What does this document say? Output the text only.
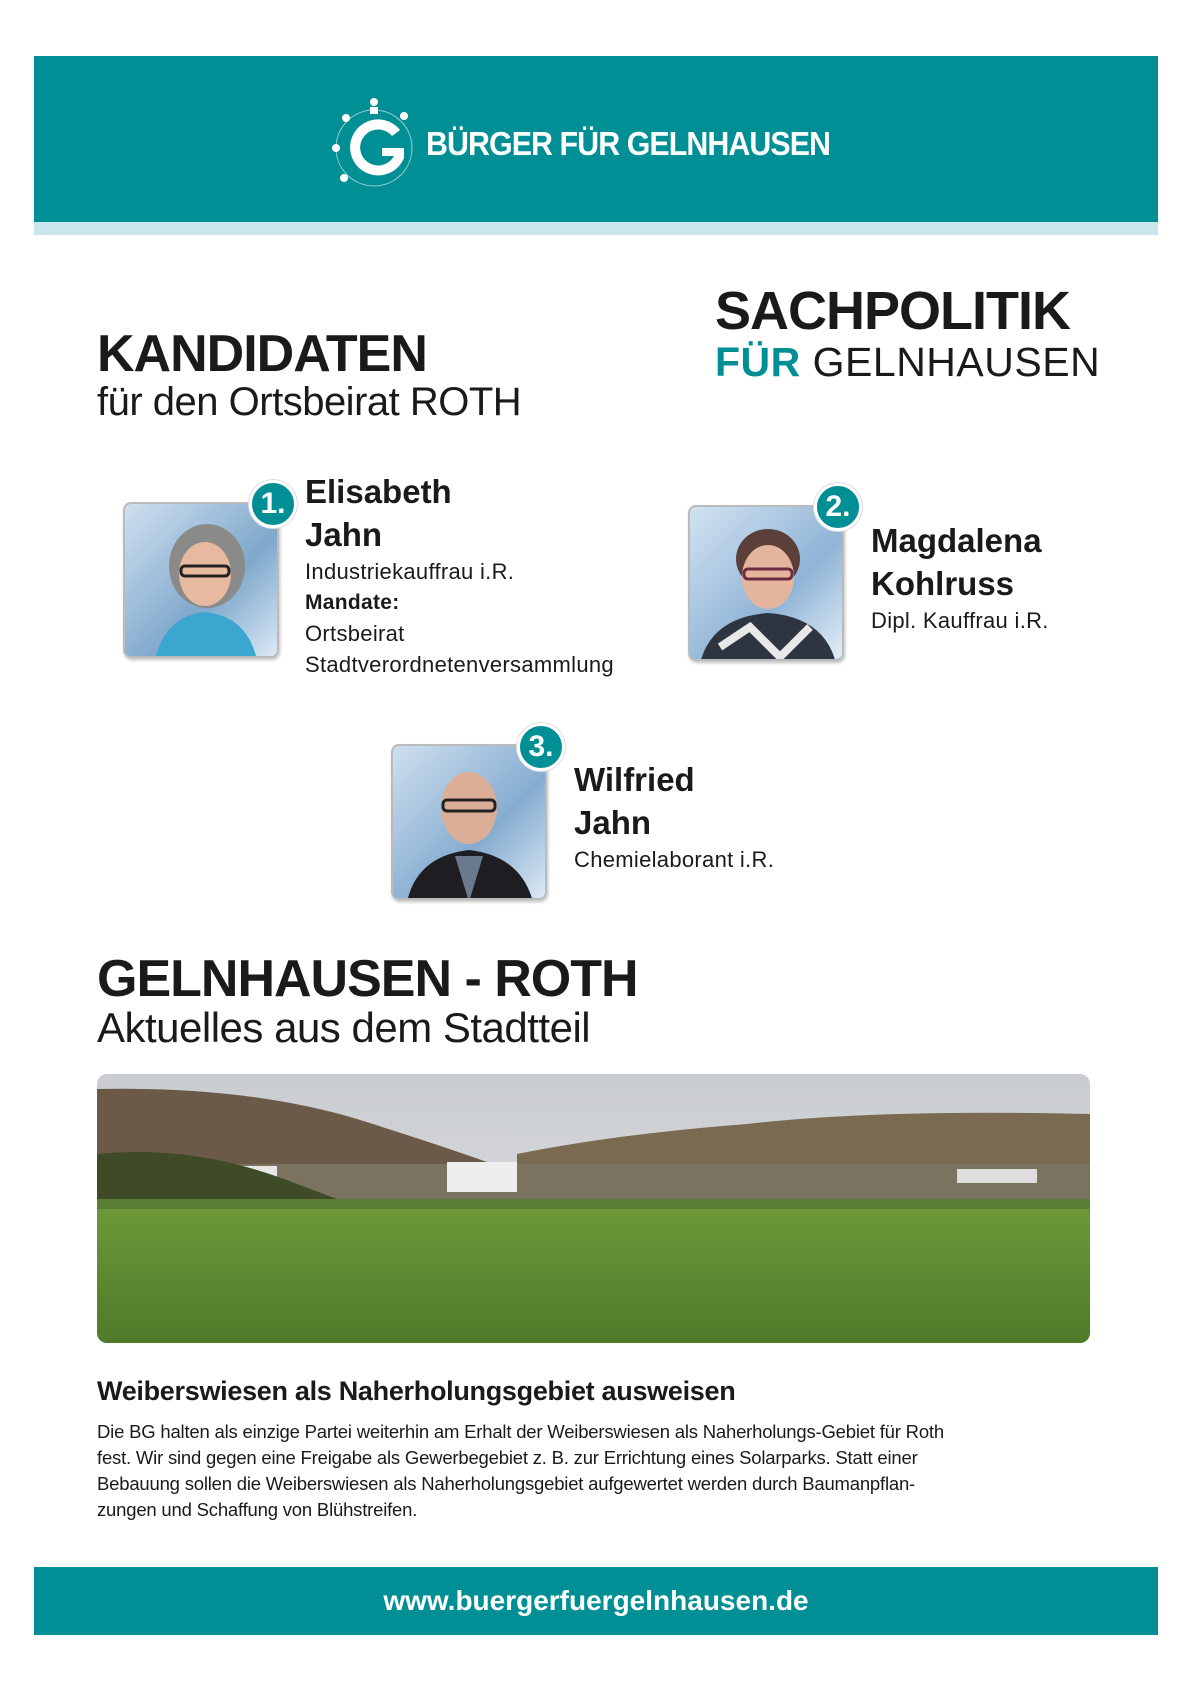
BÜRGER FÜR GELNHAUSEN
KANDIDATEN
für den Ortsbeirat ROTH
SACHPOLITIK
FÜR GELNHAUSEN
1. Elisabeth
Jahn
Industriekauffrau i.R.
Mandate:
Ortsbeirat
Stadtverordnetenversammlung
2.
Magdalena
Kohlruss
Dipl. Kauffrau i.R.
3.
Wilfried
Jahn
Chemielaborant i.R.
GELNHAUSEN - ROTH
Aktuelles aus dem Stadtteil
Weiberswiesen als Naherholungsgebiet ausweisen
Die BG halten als einzige Partei weiterhin am Erhalt der Weiberswiesen als Naherholungs-Gebiet für Roth
fest. Wir sind gegen eine Freigabe als Gewerbegebiet z. B. zur Errichtung eines Solarparks. Statt einer
Bebauung sollen die Weiberswiesen als Naherholungsgebiet aufgewertet werden durch Baumanpflan-
zungen und Schaffung von Blühstreifen.
www.buergerfuergelnhausen.de
